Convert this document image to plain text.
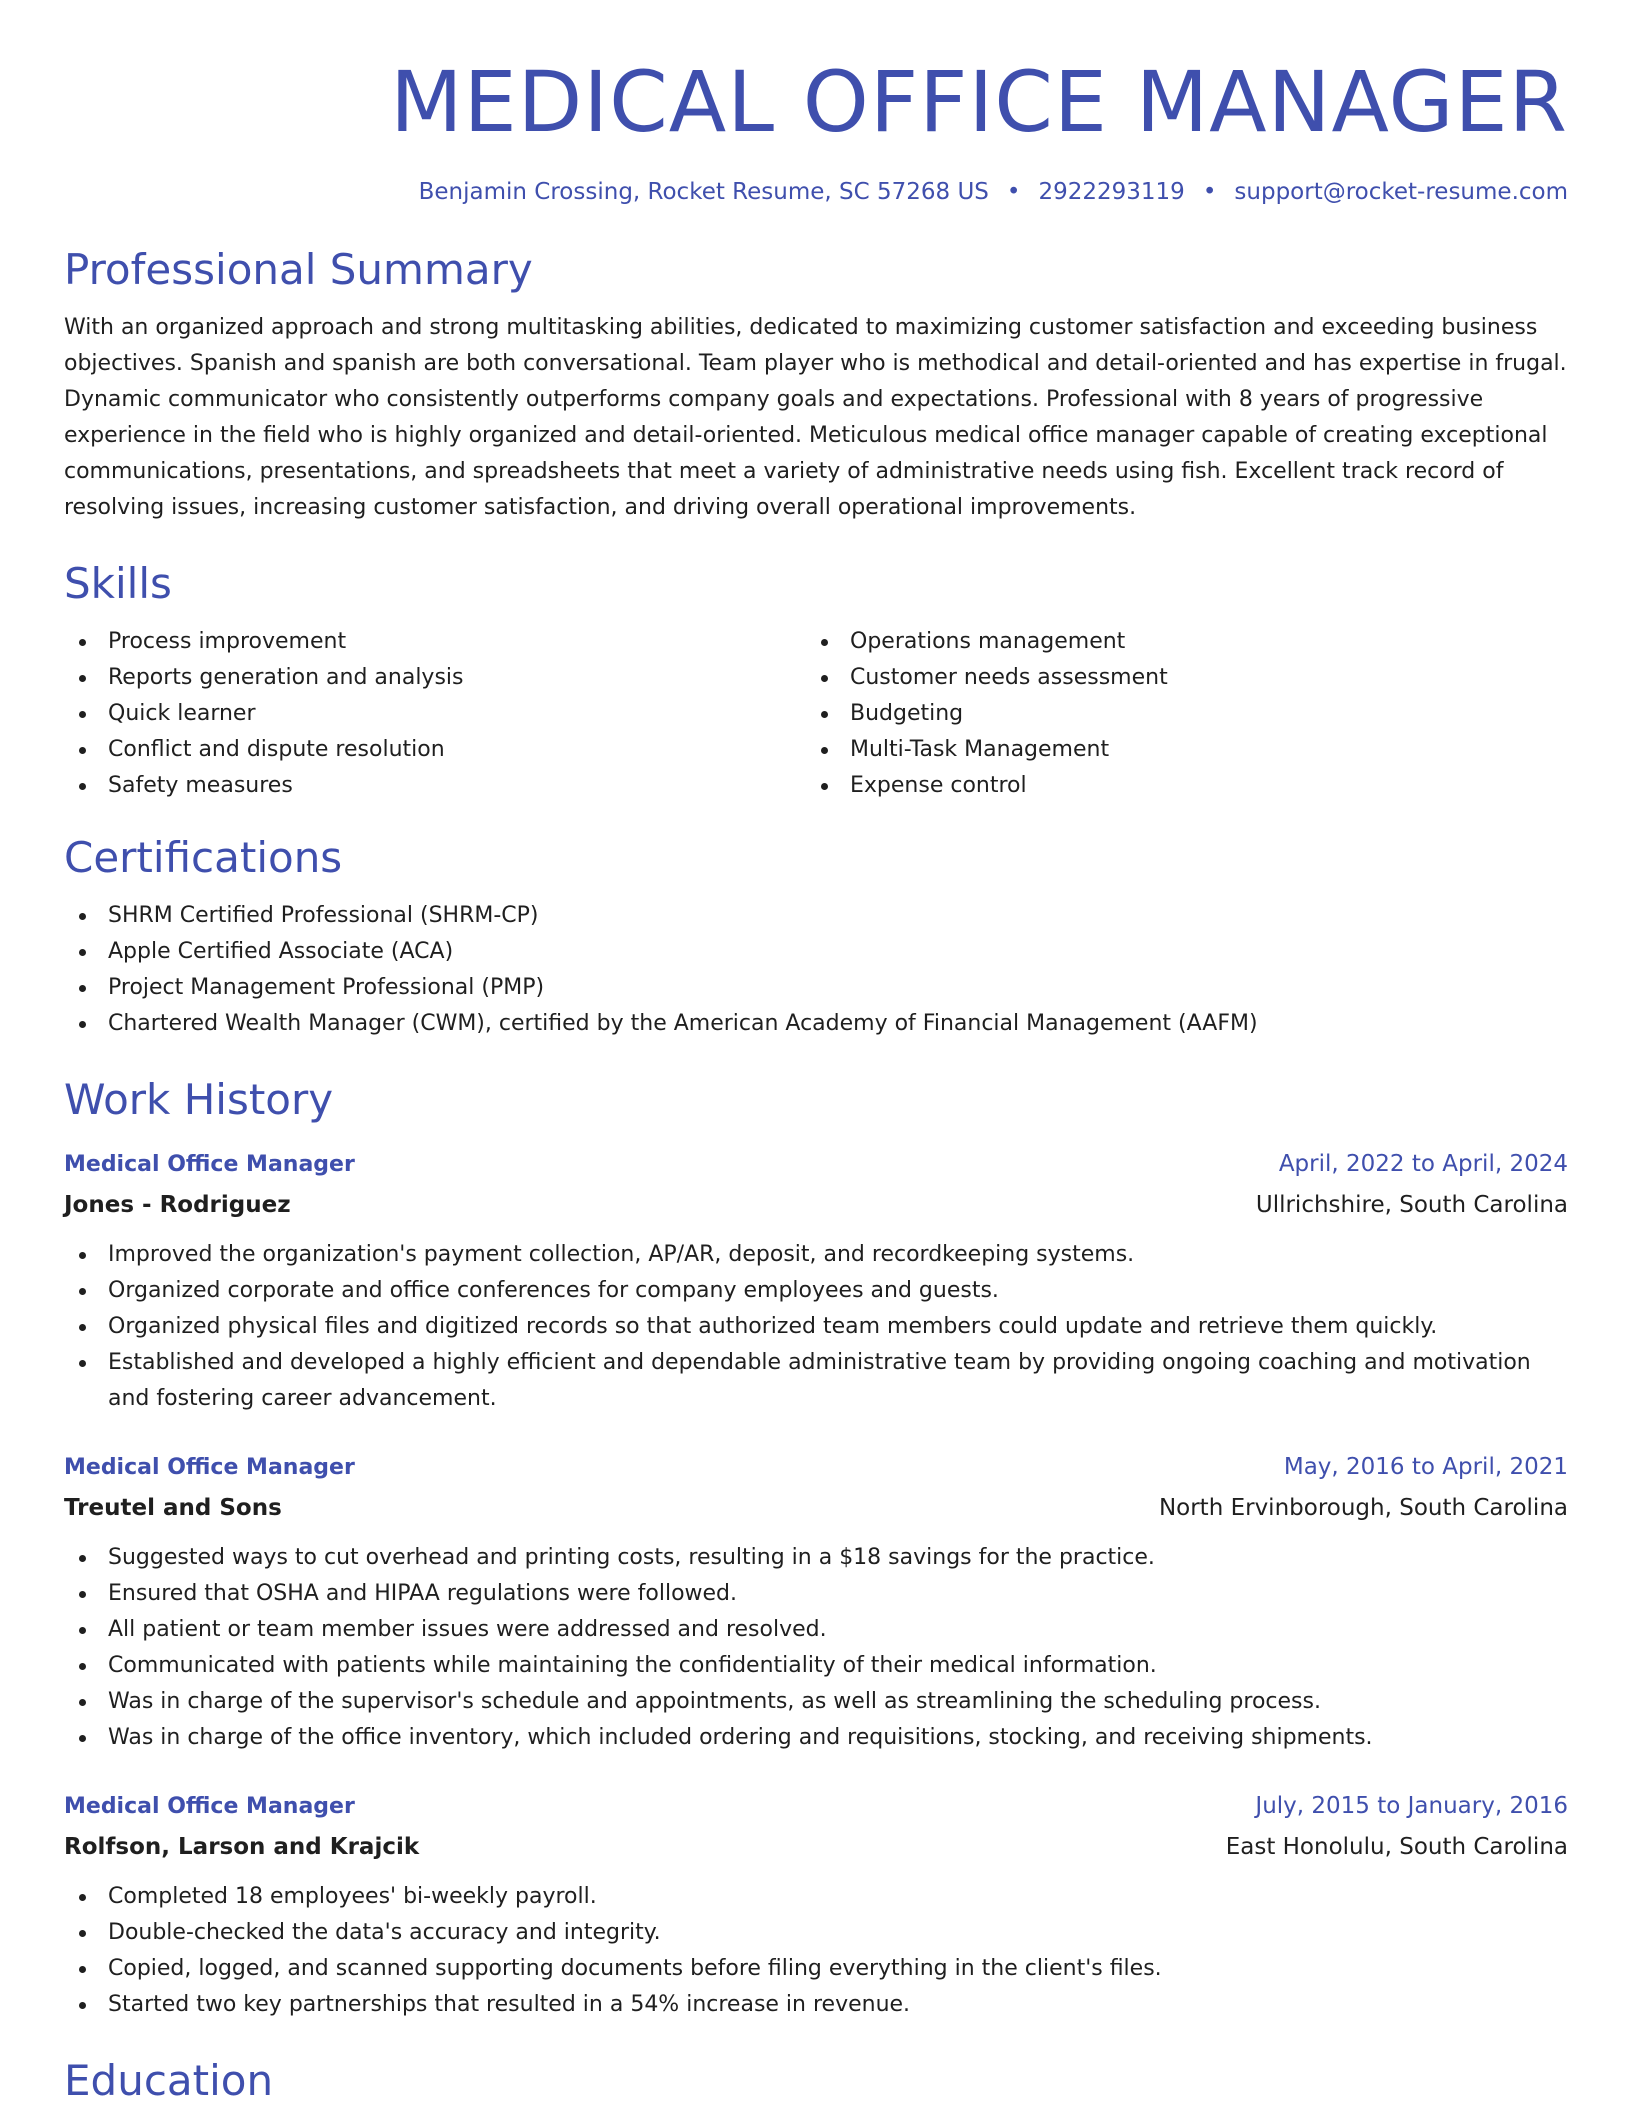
MEDICAL OFFICE MANAGER
Benjamin Crossing, Rocket Resume, SC 57268 US • 2922293119 • support@rocket-resume.com
Professional Summary

With an organized approach and strong multitasking abilities, dedicated to maximizing customer satisfaction and exceeding business objectives. Spanish and spanish are both conversational. Team player who is methodical and detail-oriented and has expertise in frugal. Dynamic communicator who consistently outperforms company goals and expectations. Professional with 8 years of progressive experience in the field who is highly organized and detail-oriented. Meticulous medical office manager capable of creating exceptional communications, presentations, and spreadsheets that meet a variety of administrative needs using fish. Excellent track record of resolving issues, increasing customer satisfaction, and driving overall operational improvements.

Skills
Process improvement
Reports generation and analysis
Quick learner
Conflict and dispute resolution
Safety measures
Operations management
Customer needs assessment
Budgeting
Multi-Task Management
Expense control
Certifications
SHRM Certified Professional (SHRM-CP)
Apple Certified Associate (ACA)
Project Management Professional (PMP)
Chartered Wealth Manager (CWM), certified by the American Academy of Financial Management (AAFM)
Work History
Medical Office Manager	April, 2022 to April, 2024
Jones - Rodriguez	Ullrichshire, South Carolina
Improved the organization's payment collection, AP/AR, deposit, and recordkeeping systems.
Organized corporate and office conferences for company employees and guests.
Organized physical files and digitized records so that authorized team members could update and retrieve them quickly.
Established and developed a highly efficient and dependable administrative team by providing ongoing coaching and motivation and fostering career advancement.
Medical Office Manager	May, 2016 to April, 2021
Treutel and Sons	North Ervinborough, South Carolina
Suggested ways to cut overhead and printing costs, resulting in a $18 savings for the practice.
Ensured that OSHA and HIPAA regulations were followed.
All patient or team member issues were addressed and resolved.
Communicated with patients while maintaining the confidentiality of their medical information.
Was in charge of the supervisor's schedule and appointments, as well as streamlining the scheduling process.
Was in charge of the office inventory, which included ordering and requisitions, stocking, and receiving shipments.
Medical Office Manager	July, 2015 to January, 2016
Rolfson, Larson and Krajcik	East Honolulu, South Carolina
Completed 18 employees' bi-weekly payroll.
Double-checked the data's accuracy and integrity.
Copied, logged, and scanned supporting documents before filing everything in the client's files.
Started two key partnerships that resulted in a 54% increase in revenue.
Education
